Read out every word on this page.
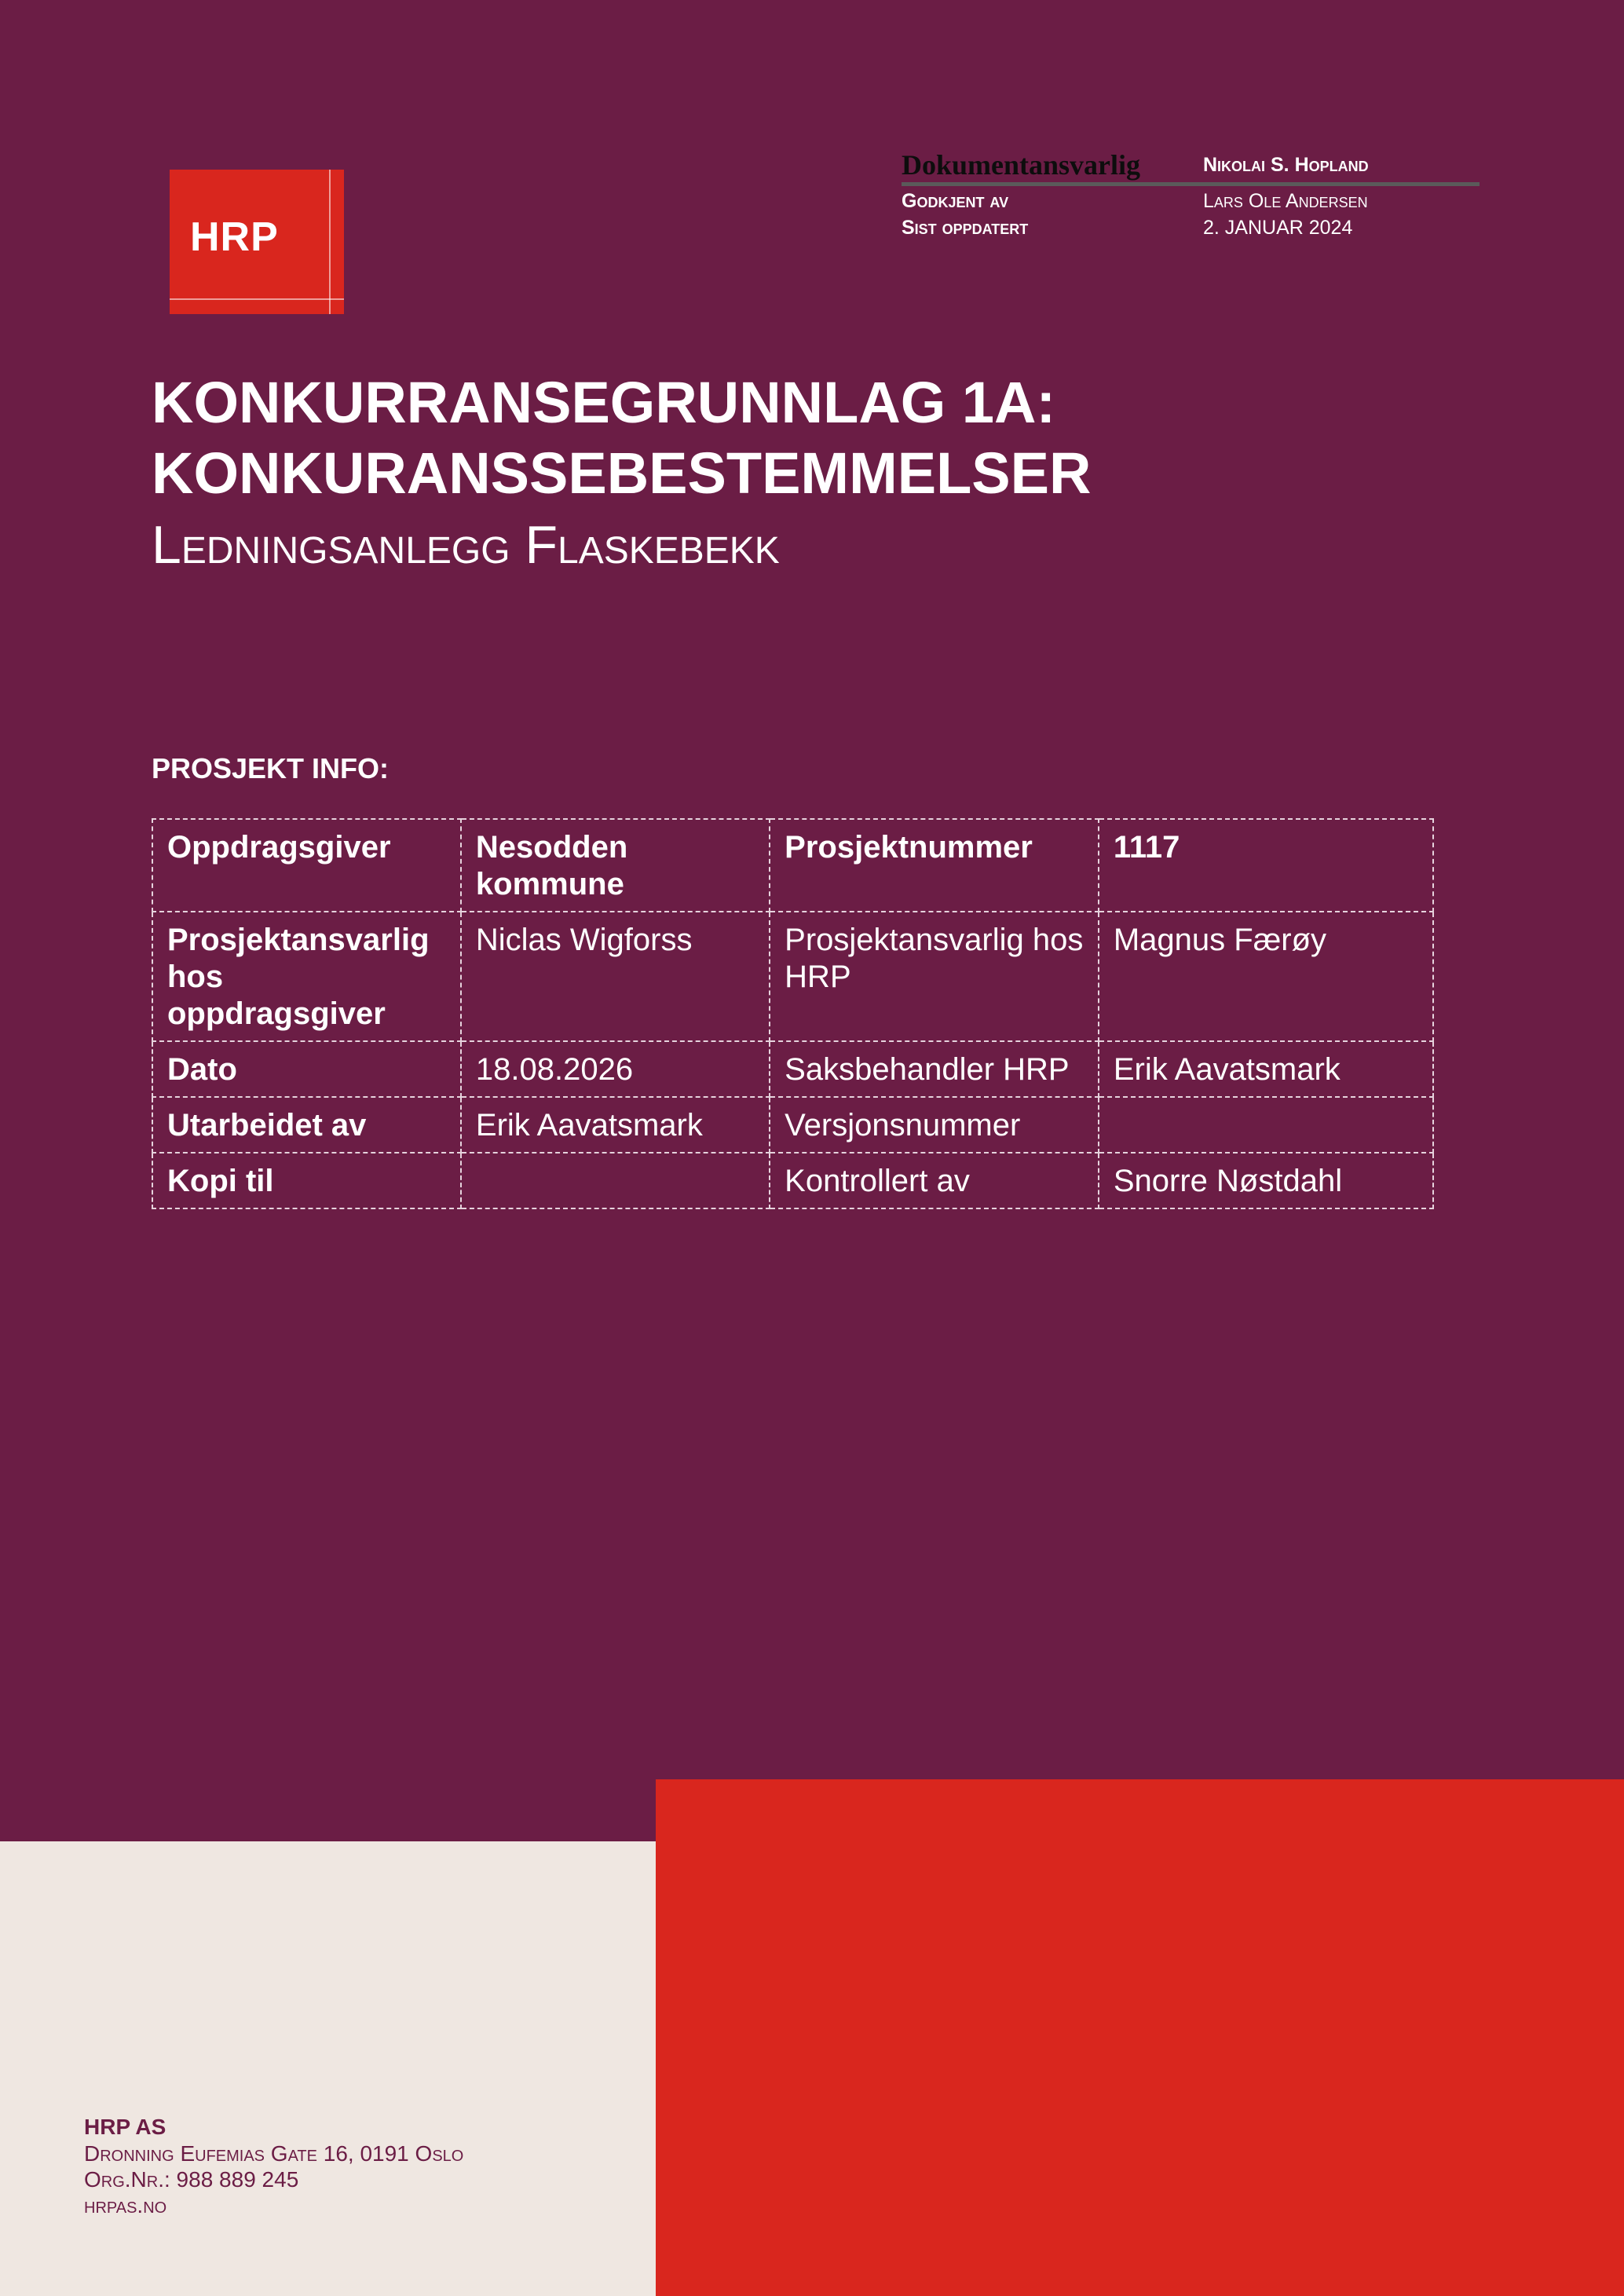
HRP
Dokumentansvarlig	Nikolai S. Hopland
Godkjent av	Lars Ole Andersen
Sist oppdatert	2. JANUAR 2024
KONKURRANSEGRUNNLAG 1A:
KONKURANSSEBESTEMMELSER
Ledningsanlegg Flaskebekk
PROSJEKT INFO:
Oppdragsgiver	Nesodden kommune	Prosjektnummer	1117
Prosjektansvarlig hos oppdragsgiver	Niclas Wigforss	Prosjektansvarlig hos HRP	Magnus Færøy
Dato	18.08.2026	Saksbehandler HRP	Erik Aavatsmark
Utarbeidet av	Erik Aavatsmark	Versjonsnummer	
Kopi til		Kontrollert av	Snorre Nøstdahl
HRP AS
Dronning Eufemias Gate 16, 0191 Oslo
Org.Nr.: 988 889 245
hrpas.no
